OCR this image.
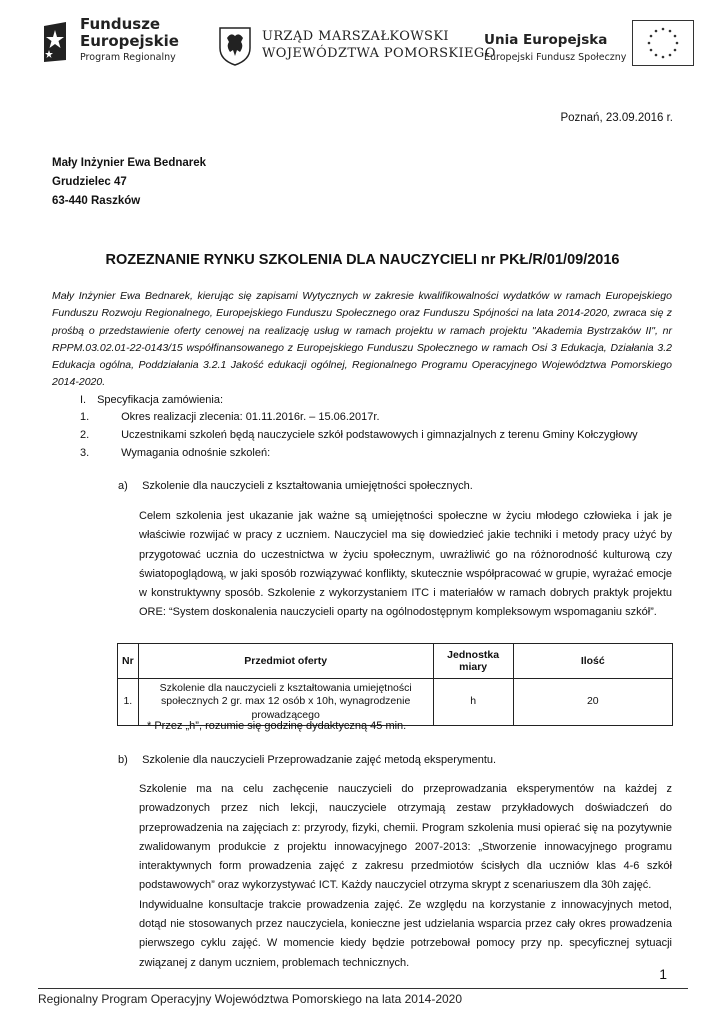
Fundusze
Europejskie
Program Regionalny
URZĄD MARSZAŁKOWSKI
WOJEWÓDZTWA POMORSKIEGO
Unia Europejska
Europejski Fundusz Społeczny
Poznań, 23.09.2016 r.
Mały Inżynier Ewa Bednarek
Grudzielec 47
63-440 Raszków
ROZEZNANIE RYNKU SZKOLENIA DLA NAUCZYCIELI nr PKŁ/R/01/09/2016
Mały Inżynier Ewa Bednarek, kierując się zapisami Wytycznych w zakresie kwalifikowalności wydatków w ramach Europejskiego Funduszu Rozwoju Regionalnego, Europejskiego Funduszu Społecznego oraz Funduszu Spójności na lata 2014-2020, zwraca się z prośbą o przedstawienie oferty cenowej na realizację usług w ramach projektu w ramach projektu "Akademia Bystrzaków II", nr RPPM.03.02.01-22-0143/15 współfinansowanego z Europejskiego Funduszu Społecznego w ramach Osi 3 Edukacja, Działania 3.2 Edukacja ogólna, Poddziałania 3.2.1 Jakość edukacji ogólnej, Regionalnego Programu Operacyjnego Województwa Pomorskiego 2014-2020.
I. Specyfikacja zamówienia:
1.	Okres realizacji zlecenia: 01.11.2016r. – 15.06.2017r.
2.	Uczestnikami szkoleń będą nauczyciele szkół podstawowych i gimnazjalnych z terenu Gminy Kołczygłowy
3.	Wymagania odnośnie szkoleń:
a) Szkolenie dla nauczycieli z kształtowania umiejętności społecznych.
Celem szkolenia jest ukazanie jak ważne są umiejętności społeczne w życiu młodego człowieka i jak je właściwie rozwijać w pracy z uczniem. Nauczyciel ma się dowiedzieć jakie techniki i metody pracy użyć by przygotować ucznia do uczestnictwa w życiu społecznym, uwrażliwić go na różnorodność kulturową czy światopoglądową, w jaki sposób rozwiązywać konflikty, skutecznie współpracować w grupie, wyrażać emocje w konstruktywny sposób. Szkolenie z wykorzystaniem ITC i materiałów w ramach dobrych praktyk projektu ORE: “System doskonalenia nauczycieli oparty na ogólnodostępnym kompleksowym wspomaganiu szkół”.
Nr	Przedmiot oferty	Jednostka miary	Ilość
1.	Szkolenie dla nauczycieli z kształtowania umiejętności społecznych 2 gr. max 12 osób x 10h, wynagrodzenie prowadzącego	h	20
* Przez „h”, rozumie się godzinę dydaktyczną 45 min.
b) Szkolenie dla nauczycieli Przeprowadzanie zajęć metodą eksperymentu.
Szkolenie ma na celu zachęcenie nauczycieli do przeprowadzania eksperymentów na każdej z prowadzonych przez nich lekcji, nauczyciele otrzymają zestaw przykładowych doświadczeń do przeprowadzenia na zajęciach z: przyrody, fizyki, chemii. Program szkolenia musi opierać się na pozytywnie zwalidowanym produkcie z projektu innowacyjnego 2007-2013: „Stworzenie innowacyjnego programu interaktywnych form prowadzenia zajęć z zakresu przedmiotów ścisłych dla uczniów klas 4-6 szkół podstawowych” oraz wykorzystywać ICT. Każdy nauczyciel otrzyma skrypt z scenariuszem dla 30h zajęć.
Indywidualne konsultacje trakcie prowadzenia zajęć. Ze względu na korzystanie z innowacyjnych metod, dotąd nie stosowanych przez nauczyciela, konieczne jest udzielania wsparcia przez cały okres prowadzenia pierwszego cyklu zajęć. W momencie kiedy będzie potrzebował pomocy przy np. specyficznej sytuacji związanej z danym uczniem, problemach technicznych.
1
Regionalny Program Operacyjny Województwa Pomorskiego na lata 2014-2020
